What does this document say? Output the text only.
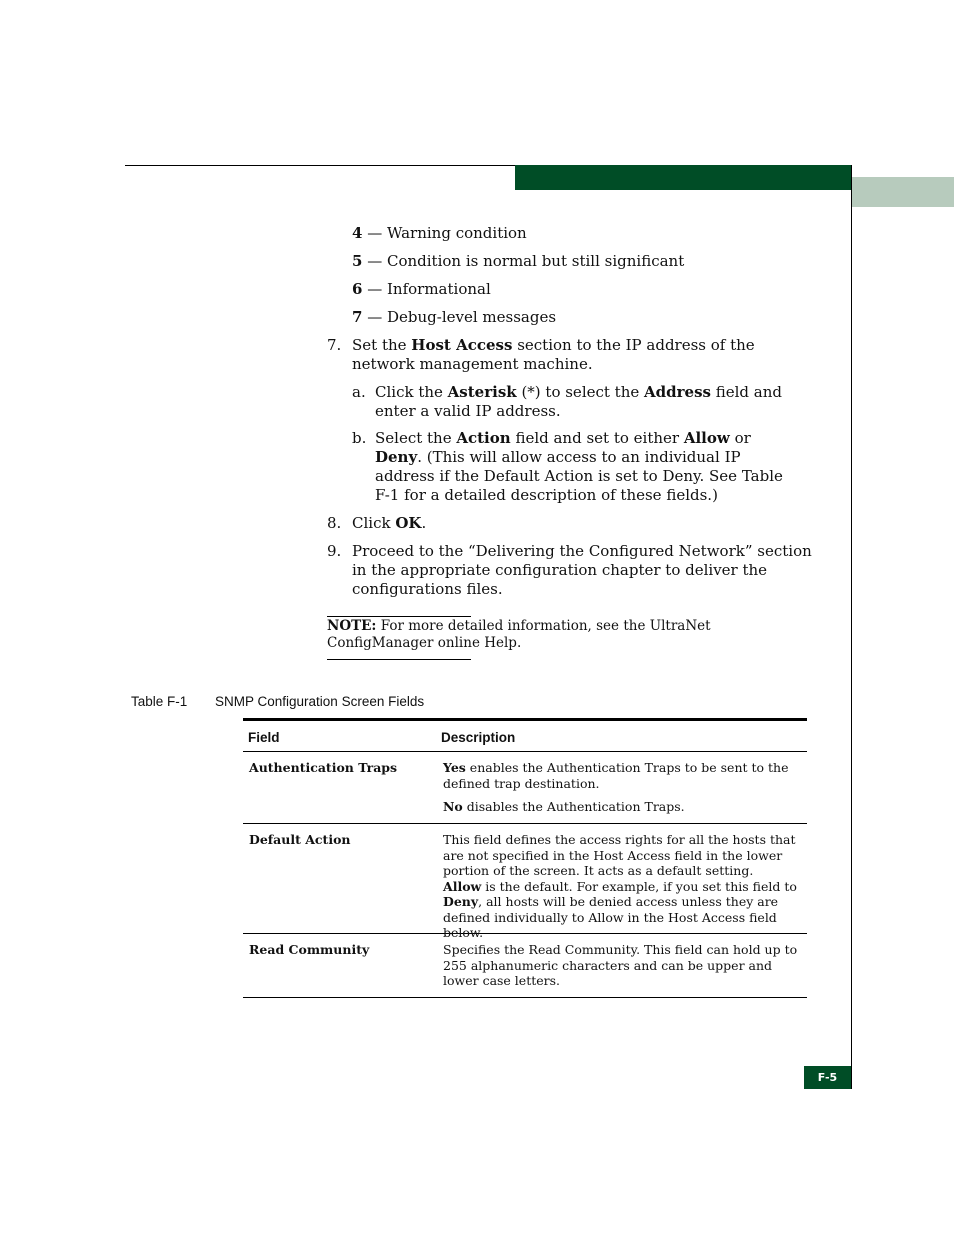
4 — Warning condition
5 — Condition is normal but still significant
6 — Informational
7 — Debug-level messages
7. Set the Host Access section to the IP address of the network management machine.
a. Click the Asterisk (*) to select the Address field and enter a valid IP address.
b. Select the Action field and set to either Allow or Deny. (This will allow access to an individual IP address if the Default Action is set to Deny. See Table F-1 for a detailed description of these fields.)
8. Click OK.
9. Proceed to the “Delivering the Configured Network” section in the appropriate configuration chapter to deliver the configurations files.
NOTE: For more detailed information, see the UltraNet ConfigManager online Help.
Table F-1 SNMP Configuration Screen Fields
Field	Description
Authentication Traps	Yes enables the Authentication Traps to be sent to the defined trap destination.

No disables the Authentication Traps.

Default Action	This field defines the access rights for all the hosts that are not specified in the Host Access field in the lower portion of the screen. It acts as a default setting.

Allow is the default. For example, if you set this field to Deny, all hosts will be denied access unless they are defined individually to Allow in the Host Access field below.

Read Community	Specifies the Read Community. This field can hold up to 255 alphanumeric characters and can be upper and lower case letters.

F-5
